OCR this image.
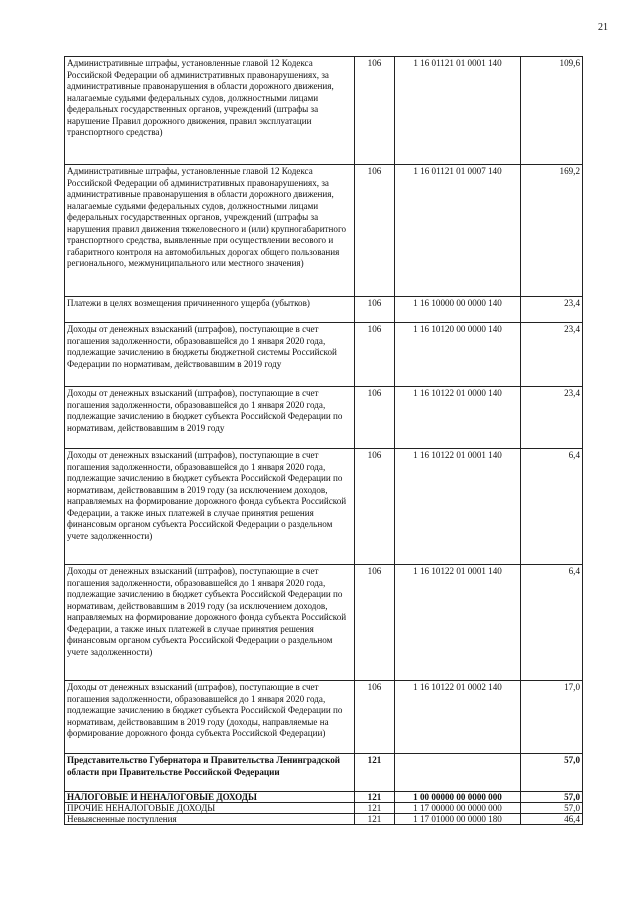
21
Административные штрафы, установленные главой 12 Кодекса Российской Федерации об административных правонарушениях, за административные правонарушения в области дорожного движения, налагаемые судьями федеральных судов, должностными лицами федеральных государственных органов, учреждений (штрафы за нарушение Правил дорожного движения, правил эксплуатации транспортного средства)	106	1 16 01121 01 0001 140	109,6
Административные штрафы, установленные главой 12 Кодекса Российской Федерации об административных правонарушениях, за административные правонарушения в области дорожного движения, налагаемые судьями федеральных судов, должностными лицами федеральных государственных органов, учреждений (штрафы за нарушения правил движения тяжеловесного и (или) крупногабаритного транспортного средства, выявленные при осуществлении весового и габаритного контроля на автомобильных дорогах общего пользования регионального, межмуниципального или местного значения)	106	1 16 01121 01 0007 140	169,2
Платежи в целях возмещения причиненного ущерба (убытков)	106	1 16 10000 00 0000 140	23,4
Доходы от денежных взысканий (штрафов), поступающие в счет погашения задолженности, образовавшейся до 1 января 2020 года, подлежащие зачислению в бюджеты бюджетной системы Российской Федерации по нормативам, действовавшим в 2019 году	106	1 16 10120 00 0000 140	23,4
Доходы от денежных взысканий (штрафов), поступающие в счет погашения задолженности, образовавшейся до 1 января 2020 года, подлежащие зачислению в бюджет субъекта Российской Федерации по нормативам, действовавшим в 2019 году	106	1 16 10122 01 0000 140	23,4
Доходы от денежных взысканий (штрафов), поступающие в счет погашения задолженности, образовавшейся до 1 января 2020 года, подлежащие зачислению в бюджет субъекта Российской Федерации по нормативам, действовавшим в 2019 году (за исключением доходов, направляемых на формирование дорожного фонда субъекта Российской Федерации, а также иных платежей в случае принятия решения финансовым органом субъекта Российской Федерации о раздельном учете задолженности)	106	1 16 10122 01 0001 140	6,4
Доходы от денежных взысканий (штрафов), поступающие в счет погашения задолженности, образовавшейся до 1 января 2020 года, подлежащие зачислению в бюджет субъекта Российской Федерации по нормативам, действовавшим в 2019 году (за исключением доходов, направляемых на формирование дорожного фонда субъекта Российской Федерации, а также иных платежей в случае принятия решения финансовым органом субъекта Российской Федерации о раздельном учете задолженности)	106	1 16 10122 01 0001 140	6,4
Доходы от денежных взысканий (штрафов), поступающие в счет погашения задолженности, образовавшейся до 1 января 2020 года, подлежащие зачислению в бюджет субъекта Российской Федерации по нормативам, действовавшим в 2019 году (доходы, направляемые на формирование дорожного фонда субъекта Российской Федерации)	106	1 16 10122 01 0002 140	17,0
Представительство Губернатора и Правительства Ленинградской области при Правительстве Российской Федерации	121		57,0
НАЛОГОВЫЕ И НЕНАЛОГОВЫЕ ДОХОДЫ	121	1 00 00000 00 0000 000	57,0
ПРОЧИЕ НЕНАЛОГОВЫЕ ДОХОДЫ	121	1 17 00000 00 0000 000	57,0
Невыясненные поступления	121	1 17 01000 00 0000 180	46,4
